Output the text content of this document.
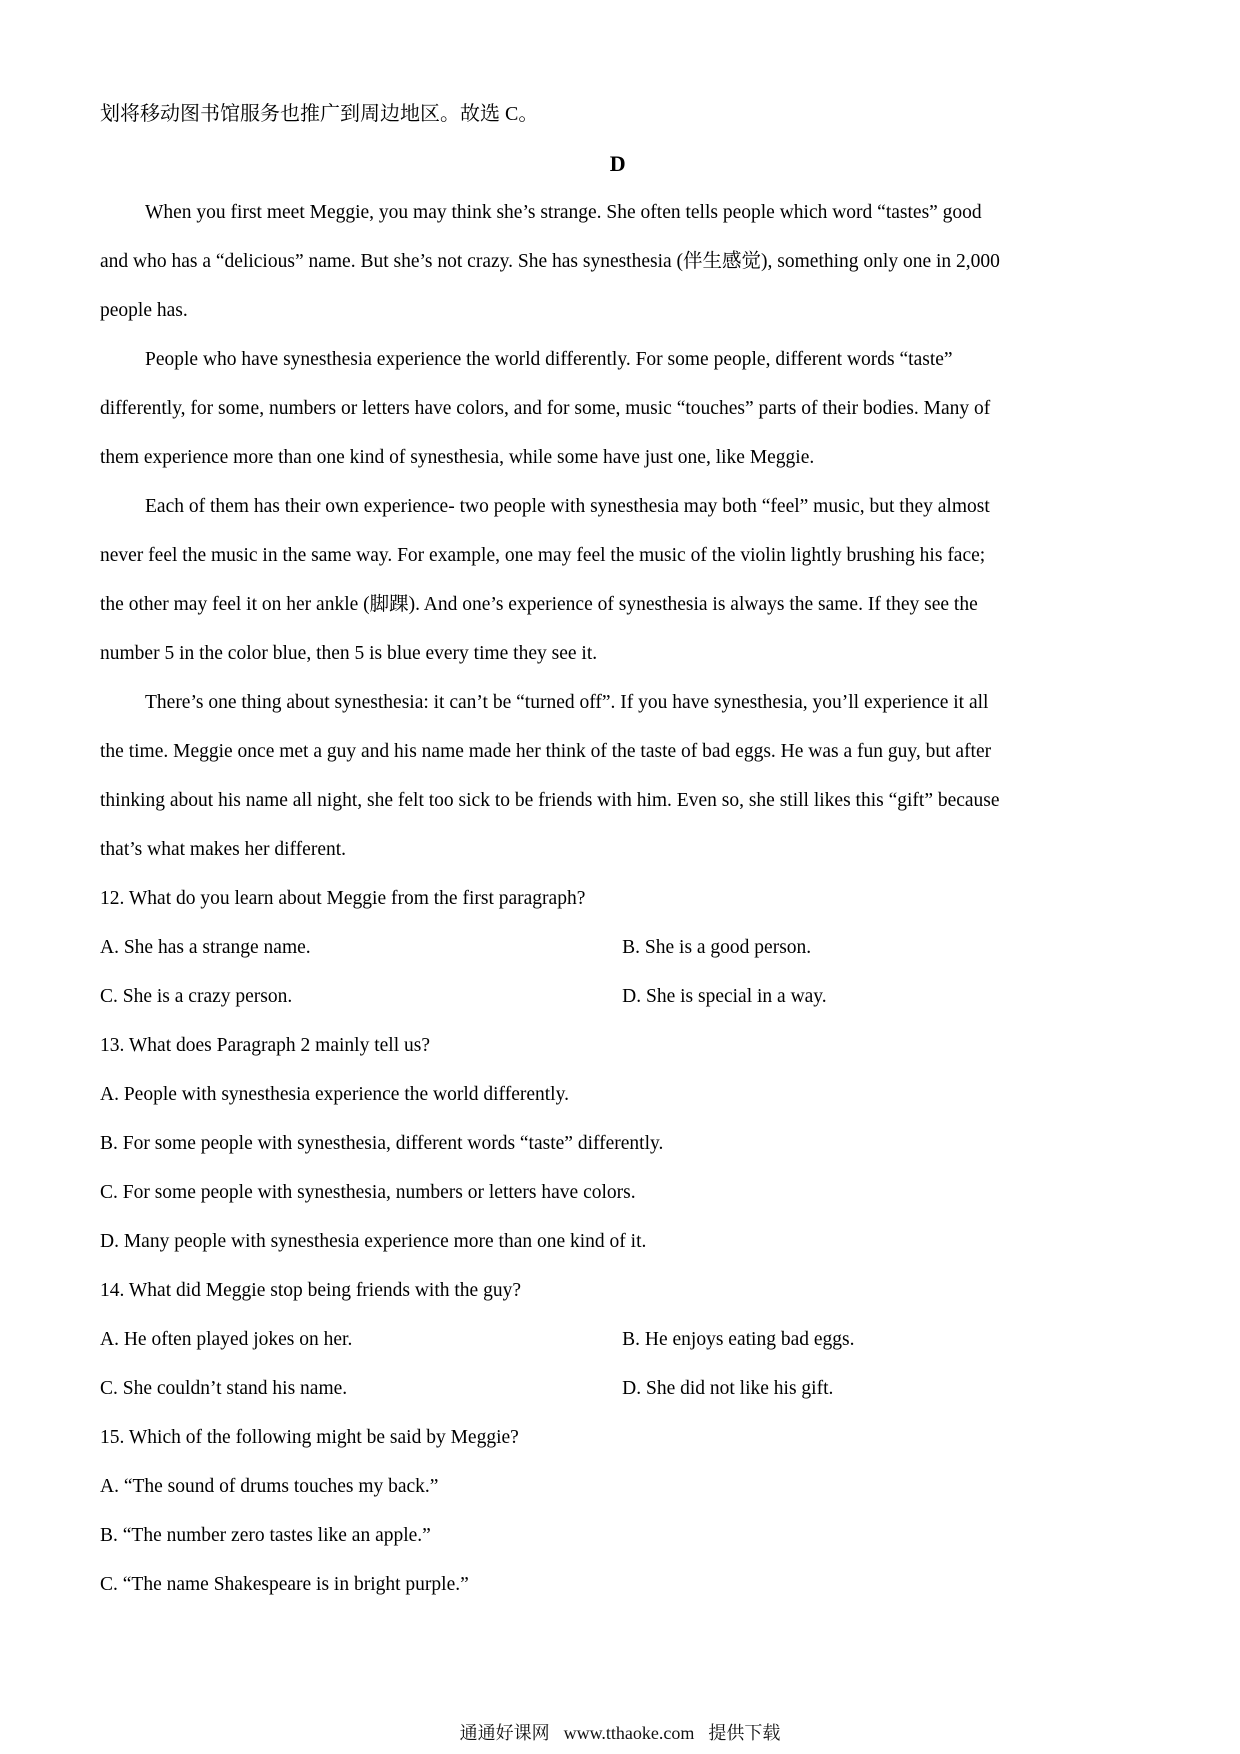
划将移动图书馆服务也推广到周边地区。故选 C。
D
When you first meet Meggie, you may think she’s strange. She often tells people which word “tastes” good
and who has a “delicious” name. But she’s not crazy. She has synesthesia (伴生感觉), something only one in 2,000
people has.
People who have synesthesia experience the world differently. For some people, different words “taste”
differently, for some, numbers or letters have colors, and for some, music “touches” parts of their bodies. Many of
them experience more than one kind of synesthesia, while some have just one, like Meggie.
Each of them has their own experience- two people with synesthesia may both “feel” music, but they almost
never feel the music in the same way. For example, one may feel the music of the violin lightly brushing his face;
the other may feel it on her ankle (脚踝). And one’s experience of synesthesia is always the same. If they see the
number 5 in the color blue, then 5 is blue every time they see it.
There’s one thing about synesthesia: it can’t be “turned off”. If you have synesthesia, you’ll experience it all
the time. Meggie once met a guy and his name made her think of the taste of bad eggs. He was a fun guy, but after
thinking about his name all night, she felt too sick to be friends with him. Even so, she still likes this “gift” because
that’s what makes her different.
12. What do you learn about Meggie from the first paragraph?
A. She has a strange name.	B. She is a good person.
C. She is a crazy person.	D. She is special in a way.
13. What does Paragraph 2 mainly tell us?
A. People with synesthesia experience the world differently.
B. For some people with synesthesia, different words “taste” differently.
C. For some people with synesthesia, numbers or letters have colors.
D. Many people with synesthesia experience more than one kind of it.
14. What did Meggie stop being friends with the guy?
A. He often played jokes on her.	B. He enjoys eating bad eggs.
C. She couldn’t stand his name.	D. She did not like his gift.
15. Which of the following might be said by Meggie?
A. “The sound of drums touches my back.”
B. “The number zero tastes like an apple.”
C. “The name Shakespeare is in bright purple.”
通通好课网 www.tthaoke.com 提供下载
